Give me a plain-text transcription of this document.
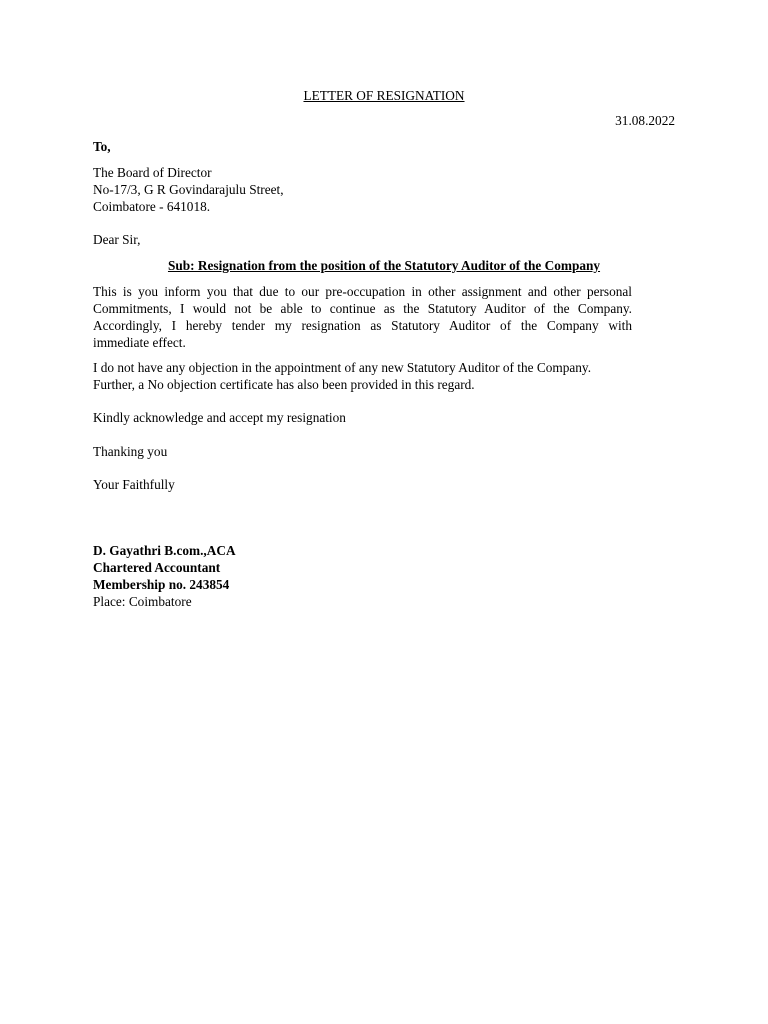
LETTER OF RESIGNATION

31.08.2022

To,

The Board of Director
No-17/3, G R Govindarajulu Street,
Coimbatore - 641018.

Dear Sir,

Sub: Resignation from the position of the Statutory Auditor of the Company

This is you inform you that due to our pre-occupation in other assignment and other personal
Commitments, I would not be able to continue as the Statutory Auditor of the Company.
Accordingly, I hereby tender my resignation as Statutory Auditor of the Company with
immediate effect.
I do not have any objection in the appointment of any new Statutory Auditor of the Company.
Further, a No objection certificate has also been provided in this regard.

Kindly acknowledge and accept my resignation

Thanking you

Your Faithfully

D. Gayathri B.com.,ACA
Chartered Accountant
Membership no. 243854
Place: Coimbatore
